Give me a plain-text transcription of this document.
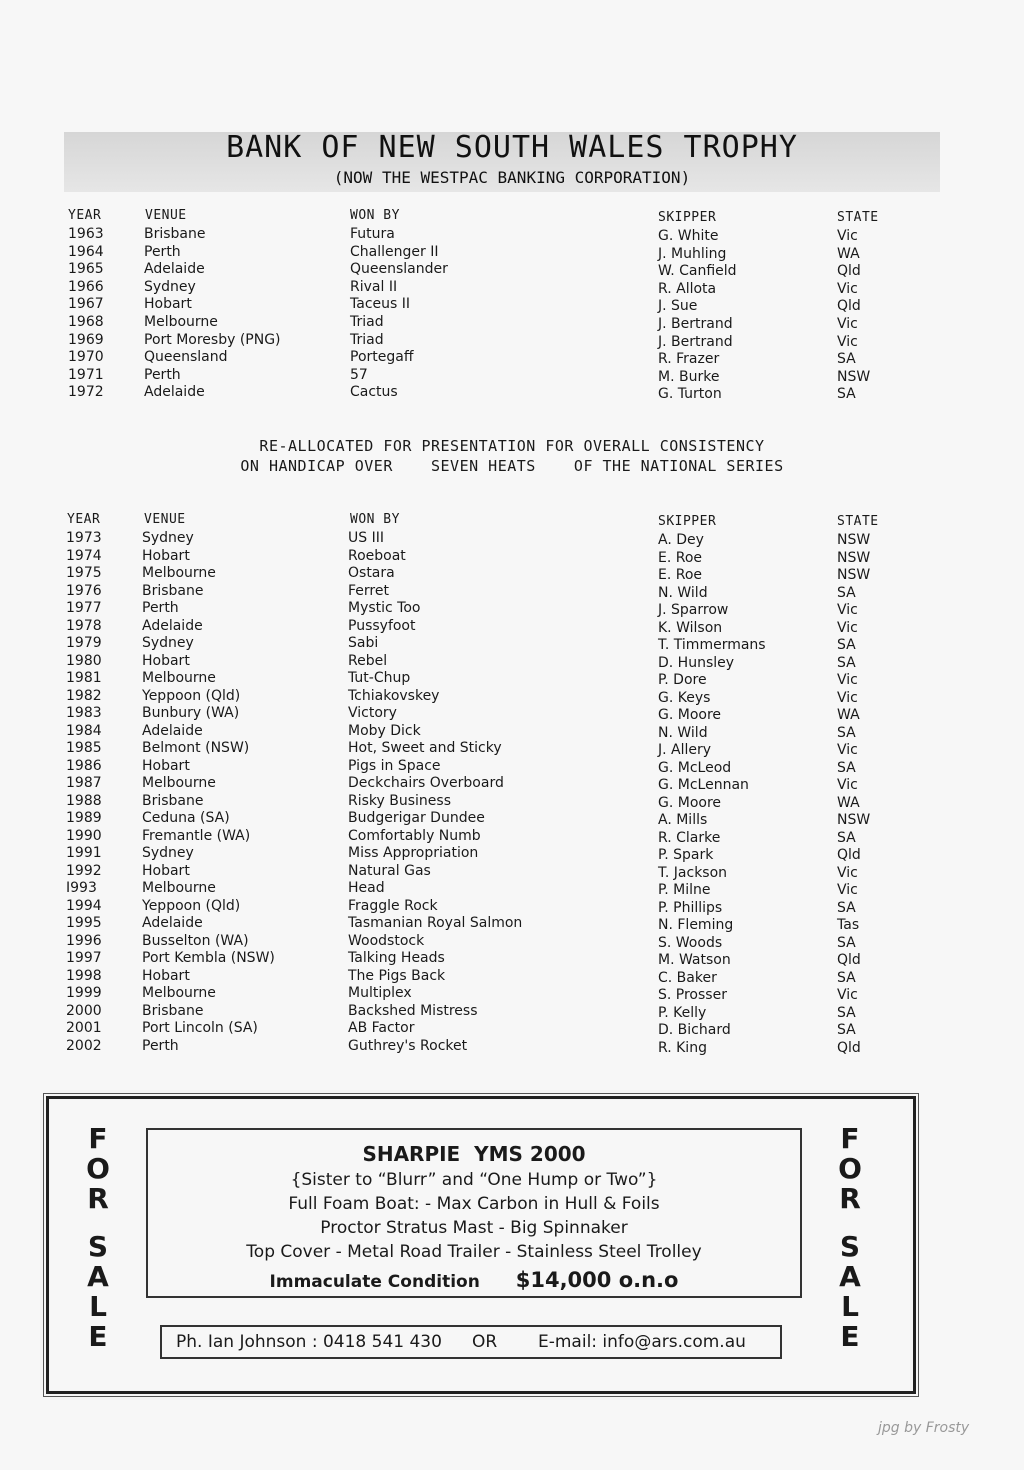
BANK OF NEW SOUTH WALES TROPHY
(NOW THE WESTPAC BANKING CORPORATION)
YEAR	VENUE	WON BY	SKIPPER	STATE
1963	Brisbane	Futura	G. White	Vic
1964	Perth	Challenger II	J. Muhling	WA
1965	Adelaide	Queenslander	W. Canfield	Qld
1966	Sydney	Rival II	R. Allota	Vic
1967	Hobart	Taceus II	J. Sue	Qld
1968	Melbourne	Triad	J. Bertrand	Vic
1969	Port Moresby (PNG)	Triad	J. Bertrand	Vic
1970	Queensland	Portegaff	R. Frazer	SA
1971	Perth	57	M. Burke	NSW
1972	Adelaide	Cactus	G. Turton	SA
RE-ALLOCATED FOR PRESENTATION FOR OVERALL CONSISTENCY
ON HANDICAP OVER    SEVEN HEATS    OF THE NATIONAL SERIES
YEAR	VENUE	WON BY	SKIPPER	STATE
1973	Sydney	US III	A. Dey	NSW
1974	Hobart	Roeboat	E. Roe	NSW
1975	Melbourne	Ostara	E. Roe	NSW
1976	Brisbane	Ferret	N. Wild	SA
1977	Perth	Mystic Too	J. Sparrow	Vic
1978	Adelaide	Pussyfoot	K. Wilson	Vic
1979	Sydney	Sabi	T. Timmermans	SA
1980	Hobart	Rebel	D. Hunsley	SA
1981	Melbourne	Tut-Chup	P. Dore	Vic
1982	Yeppoon (Qld)	Tchiakovskey	G. Keys	Vic
1983	Bunbury (WA)	Victory	G. Moore	WA
1984	Adelaide	Moby Dick	N. Wild	SA
1985	Belmont (NSW)	Hot, Sweet and Sticky	J. Allery	Vic
1986	Hobart	Pigs in Space	G. McLeod	SA
1987	Melbourne	Deckchairs Overboard	G. McLennan	Vic
1988	Brisbane	Risky Business	G. Moore	WA
1989	Ceduna (SA)	Budgerigar Dundee	A. Mills	NSW
1990	Fremantle (WA)	Comfortably Numb	R. Clarke	SA
1991	Sydney	Miss Appropriation	P. Spark	Qld
1992	Hobart	Natural Gas	T. Jackson	Vic
I993	Melbourne	Head	P. Milne	Vic
1994	Yeppoon (Qld)	Fraggle Rock	P. Phillips	SA
1995	Adelaide	Tasmanian Royal Salmon	N. Fleming	Tas
1996	Busselton (WA)	Woodstock	S. Woods	SA
1997	Port Kembla (NSW)	Talking Heads	M. Watson	Qld
1998	Hobart	The Pigs Back	C. Baker	SA
1999	Melbourne	Multiplex	S. Prosser	Vic
2000	Brisbane	Backshed Mistress	P. Kelly	SA
2001	Port Lincoln (SA)	AB Factor	D. Bichard	SA
2002	Perth	Guthrey's Rocket	R. King	Qld
F
O
R
S
A
L
E
F
O
R
S
A
L
E
SHARPIE  YMS 2000
{Sister to “Blurr” and “One Hump or Two”}
Full Foam Boat: - Max Carbon in Hull & Foils
Proctor Stratus Mast - Big Spinnaker
Top Cover - Metal Road Trailer - Stainless Steel Trolley
Immaculate Condition $14,000 o.n.o
Ph. Ian Johnson : 0418 541 430 OR E-mail: info@ars.com.au
jpg by Frosty
